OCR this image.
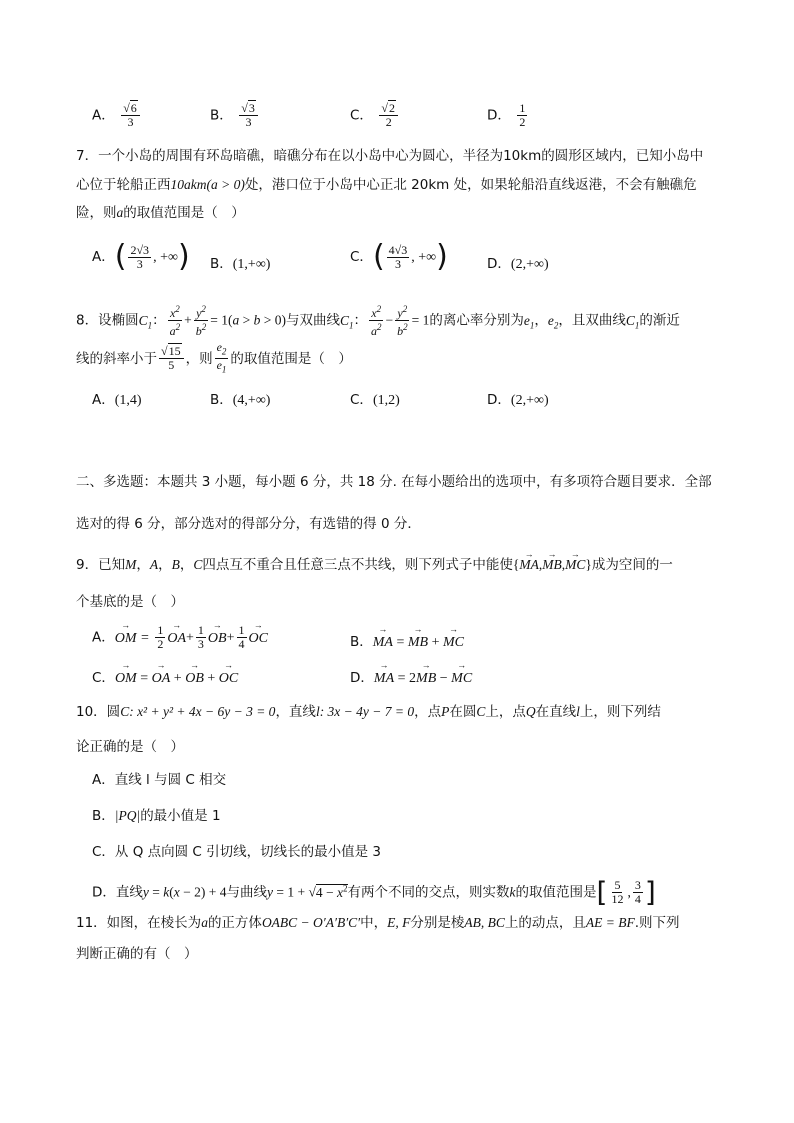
A． $\frac{√6}{3}$	B． $\frac{√3}{3}$	C． $\frac{√2}{2}$	D． $\frac{1}{2}$
7．一个小岛的周围有环岛暗礁，暗礁分布在以小岛中心为圆心，半径为10km的圆形区域内，已知小岛中
心位于轮船正西10akm(a > 0)处，港口位于小岛中心正北 20km 处，如果轮船沿直线返港，不会有触礁危
险，则a的取值范围是（　）
A．( $\frac{2√3}{3}$ , +∞) B．(1,+∞)	C．( $\frac{4√3}{3}$ , +∞)	D．(2,+∞)
8．设椭圆$C_1$： $\frac{x^2}{a^2} + \frac{y^2}{b^2} = 1(a > b > 0)$与双曲线$C_1$： $\frac{x^2}{a^2} - \frac{y^2}{b^2} = 1$的离心率分别为$e_1$，$e_2$，且双曲线$C_1$的渐近
线的斜率小于 $\frac{√15}{5}$ ，则 $\frac{e_2}{e_1}$ 的取值范围是（　）
A．(1,4)	B．(4,+∞)	C．(1,2)	D．(2,+∞)
二、多选题：本题共 3 小题，每小题 6 分，共 18 分. 在每小题给出的选项中，有多项符合题目要求．全部
选对的得 6 分，部分选对的得部分分，有选错的得 0 分．
9．已知M，A，B，C四点互不重合且任意三点不共线，则下列式子中能使{→ MA,→ MB,→ MC}成为空间的一
个基底的是（　）
A．→ OM = $\frac{1}{2}$
→ $OA+ \frac{1}{3}$
→ $OB+ \frac{1}{4}$
→ OC	B．→ MA = → MB + → MC
C．→ OM = → OA + → OB + → OC	D．→ MA = 2→ MB − → MC
10．圆C: x² + y² + 4x − 6y − 3 = 0，直线l: 3x − 4y − 7 = 0，点P在圆C上，点Q在直线l上，则下列结
论正确的是（　）
A．直线 l 与圆 C 相交
B．|PQ|的最小值是 1
C．从 Q 点向圆 C 引切线，切线长的最小值是 3
D．直线y = k(x − 2) + 4与曲线$y = 1 + √4 - x^2$有两个不同的交点，则实数k的取值范围是[ $\frac{5}{12}$ , $\frac{3}{4}$ ]
11．如图，在棱长为a的正方体OABC − O′A′B′C′中，E, F分别是棱AB, BC上的动点，且AE = BF.则下列
判断正确的有（　）
